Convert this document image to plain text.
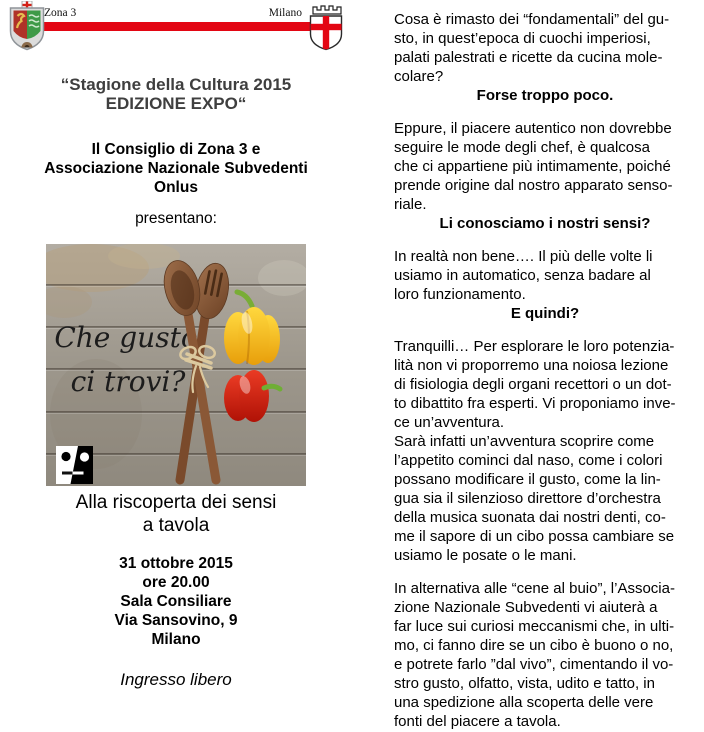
Zona 3	Milano
“Stagione della Cultura 2015
EDIZIONE EXPO“
Il Consiglio di Zona 3 e
Associazione Nazionale Subvedenti
Onlus
presentano:
Che gusto
ci trovi?
Alla riscoperta dei sensi
a tavola
31 ottobre 2015
ore 20.00
Sala Consiliare
Via Sansovino, 9
Milano
Ingresso libero
Cosa è rimasto dei “fondamentali” del gu-
sto, in quest’epoca di cuochi imperiosi,
palati palestrati e ricette da cucina mole-
colare?
Forse troppo poco.
Eppure, il piacere autentico non dovrebbe
seguire le mode degli chef, è qualcosa
che ci appartiene più intimamente, poiché
prende origine dal nostro apparato senso-
riale.
Li conosciamo i nostri sensi?
In realtà non bene…. Il più delle volte li
usiamo in automatico, senza badare al
loro funzionamento.
E quindi?
Tranquilli… Per esplorare le loro potenzia-
lità non vi proporremo una noiosa lezione
di fisiologia degli organi recettori o un dot-
to dibattito fra esperti. Vi proponiamo inve-
ce un’avventura.
Sarà infatti un’avventura scoprire come
l’appetito cominci dal naso, come i colori
possano modificare il gusto, come la lin-
gua sia il silenzioso direttore d’orchestra
della musica suonata dai nostri denti, co-
me il sapore di un cibo possa cambiare se
usiamo le posate o le mani.
In alternativa alle “cene al buio”, l’Associa-
zione Nazionale Subvedenti vi aiuterà a
far luce sui curiosi meccanismi che, in ulti-
mo, ci fanno dire se un cibo è buono o no,
e potrete farlo ”dal vivo”, cimentando il vo-
stro gusto, olfatto, vista, udito e tatto, in
una spedizione alla scoperta delle vere
fonti del piacere a tavola.
